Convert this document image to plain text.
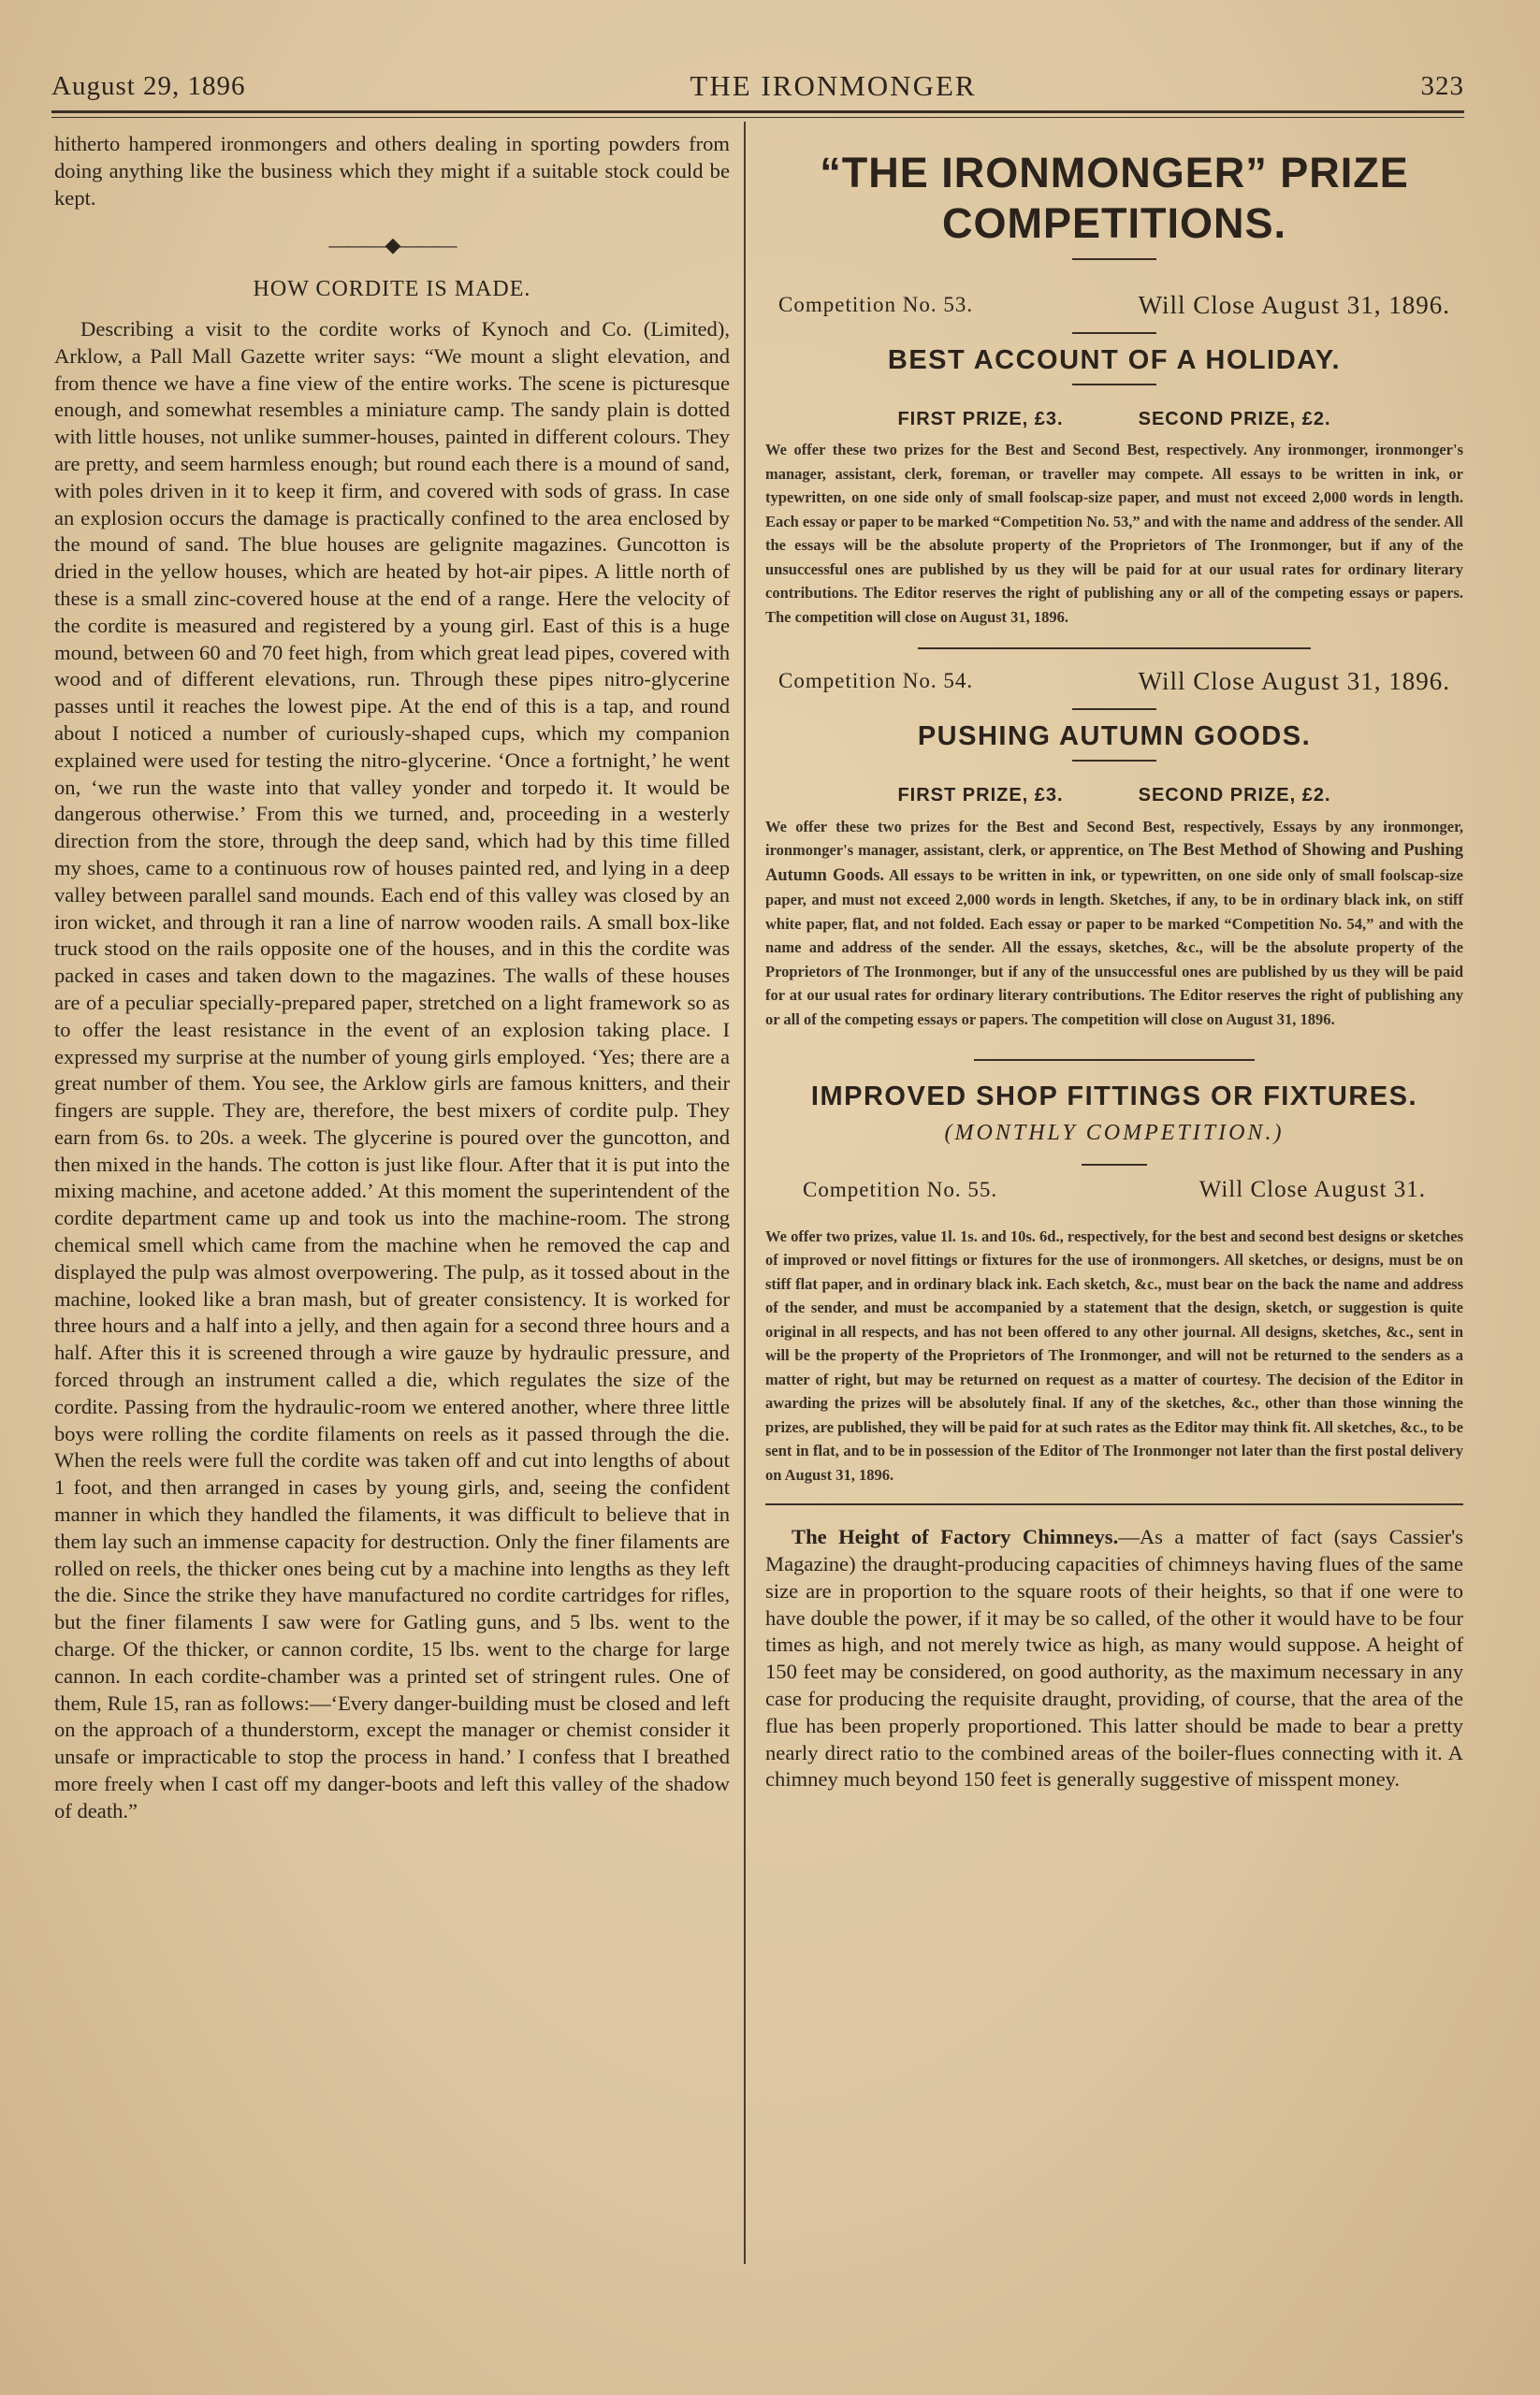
August 29, 1896	THE IRONMONGER	323

hitherto hampered ironmongers and others dealing in sporting powders from doing anything like the business which they might if a suitable stock could be kept.

———◆———
HOW CORDITE IS MADE.

Describing a visit to the cordite works of Kynoch and Co. (Limited), Arklow, a Pall Mall Gazette writer says: “We mount a slight elevation, and from thence we have a fine view of the entire works. The scene is picturesque enough, and somewhat resembles a miniature camp. The sandy plain is dotted with little houses, not unlike summer-houses, painted in different colours. They are pretty, and seem harmless enough; but round each there is a mound of sand, with poles driven in it to keep it firm, and covered with sods of grass. In case an explosion occurs the damage is practically confined to the area enclosed by the mound of sand. The blue houses are gelignite magazines. Guncotton is dried in the yellow houses, which are heated by hot-air pipes. A little north of these is a small zinc-covered house at the end of a range. Here the velocity of the cordite is measured and registered by a young girl. East of this is a huge mound, between 60 and 70 feet high, from which great lead pipes, covered with wood and of different elevations, run. Through these pipes nitro-glycerine passes until it reaches the lowest pipe. At the end of this is a tap, and round about I noticed a number of curiously-shaped cups, which my companion explained were used for testing the nitro-glycerine. ‘Once a fortnight,’ he went on, ‘we run the waste into that valley yonder and torpedo it. It would be dangerous otherwise.’ From this we turned, and, proceeding in a westerly direction from the store, through the deep sand, which had by this time filled my shoes, came to a continuous row of houses painted red, and lying in a deep valley between parallel sand mounds. Each end of this valley was closed by an iron wicket, and through it ran a line of narrow wooden rails. A small box-like truck stood on the rails opposite one of the houses, and in this the cordite was packed in cases and taken down to the magazines. The walls of these houses are of a peculiar specially-prepared paper, stretched on a light framework so as to offer the least resistance in the event of an explosion taking place. I expressed my surprise at the number of young girls employed. ‘Yes; there are a great number of them. You see, the Arklow girls are famous knitters, and their fingers are supple. They are, therefore, the best mixers of cordite pulp. They earn from 6s. to 20s. a week. The glycerine is poured over the guncotton, and then mixed in the hands. The cotton is just like flour. After that it is put into the mixing machine, and acetone added.’ At this moment the superintendent of the cordite department came up and took us into the machine-room. The strong chemical smell which came from the machine when he removed the cap and displayed the pulp was almost overpowering. The pulp, as it tossed about in the machine, looked like a bran mash, but of greater consistency. It is worked for three hours and a half into a jelly, and then again for a second three hours and a half. After this it is screened through a wire gauze by hydraulic pressure, and forced through an instrument called a die, which regulates the size of the cordite. Passing from the hydraulic-room we entered another, where three little boys were rolling the cordite filaments on reels as it passed through the die. When the reels were full the cordite was taken off and cut into lengths of about 1 foot, and then arranged in cases by young girls, and, seeing the confident manner in which they handled the filaments, it was difficult to believe that in them lay such an immense capacity for destruction. Only the finer filaments are rolled on reels, the thicker ones being cut by a machine into lengths as they left the die. Since the strike they have manufactured no cordite cartridges for rifles, but the finer filaments I saw were for Gatling guns, and 5 lbs. went to the charge. Of the thicker, or cannon cordite, 15 lbs. went to the charge for large cannon. In each cordite-chamber was a printed set of stringent rules. One of them, Rule 15, ran as follows:—‘Every danger-building must be closed and left on the approach of a thunderstorm, except the manager or chemist consider it unsafe or impracticable to stop the process in hand.’ I confess that I breathed more freely when I cast off my danger-boots and left this valley of the shadow of death.”

“THE IRONMONGER” PRIZE
COMPETITIONS.
Competition No. 53.	Will Close August 31, 1896.
BEST ACCOUNT OF A HOLIDAY.
FIRST PRIZE, £3.	SECOND PRIZE, £2.
We offer these two prizes for the Best and Second Best, respectively. Any ironmonger, ironmonger's manager, assistant, clerk, foreman, or traveller may compete. All essays to be written in ink, or typewritten, on one side only of small foolscap-size paper, and must not exceed 2,000 words in length. Each essay or paper to be marked “Competition No. 53,” and with the name and address of the sender. All the essays will be the absolute property of the Proprietors of The Ironmonger, but if any of the unsuccessful ones are published by us they will be paid for at our usual rates for ordinary literary contributions. The Editor reserves the right of publishing any or all of the competing essays or papers. The competition will close on August 31, 1896.
Competition No. 54.	Will Close August 31, 1896.
PUSHING AUTUMN GOODS.
FIRST PRIZE, £3.	SECOND PRIZE, £2.
We offer these two prizes for the Best and Second Best, respectively, Essays by any ironmonger, ironmonger's manager, assistant, clerk, or apprentice, on The Best Method of Showing and Pushing Autumn Goods. All essays to be written in ink, or typewritten, on one side only of small foolscap-size paper, and must not exceed 2,000 words in length. Sketches, if any, to be in ordinary black ink, on stiff white paper, flat, and not folded. Each essay or paper to be marked “Competition No. 54,” and with the name and address of the sender. All the essays, sketches, &c., will be the absolute property of the Proprietors of The Ironmonger, but if any of the unsuccessful ones are published by us they will be paid for at our usual rates for ordinary literary contributions. The Editor reserves the right of publishing any or all of the competing essays or papers. The competition will close on August 31, 1896.
IMPROVED SHOP FITTINGS OR FIXTURES.
(MONTHLY COMPETITION.)
Competition No. 55.	Will Close August 31.
We offer two prizes, value 1l. 1s. and 10s. 6d., respectively, for the best and second best designs or sketches of improved or novel fittings or fixtures for the use of ironmongers. All sketches, or designs, must be on stiff flat paper, and in ordinary black ink. Each sketch, &c., must bear on the back the name and address of the sender, and must be accompanied by a statement that the design, sketch, or suggestion is quite original in all respects, and has not been offered to any other journal. All designs, sketches, &c., sent in will be the property of the Proprietors of The Ironmonger, and will not be returned to the senders as a matter of right, but may be returned on request as a matter of courtesy. The decision of the Editor in awarding the prizes will be absolutely final. If any of the sketches, &c., other than those winning the prizes, are published, they will be paid for at such rates as the Editor may think fit. All sketches, &c., to be sent in flat, and to be in possession of the Editor of The Ironmonger not later than the first postal delivery on August 31, 1896.
The Height of Factory Chimneys.—As a matter of fact (says Cassier's Magazine) the draught-producing capacities of chimneys having flues of the same size are in proportion to the square roots of their heights, so that if one were to have double the power, if it may be so called, of the other it would have to be four times as high, and not merely twice as high, as many would suppose. A height of 150 feet may be considered, on good authority, as the maximum necessary in any case for producing the requisite draught, providing, of course, that the area of the flue has been properly proportioned. This latter should be made to bear a pretty nearly direct ratio to the combined areas of the boiler-flues connecting with it. A chimney much beyond 150 feet is generally suggestive of misspent money.
